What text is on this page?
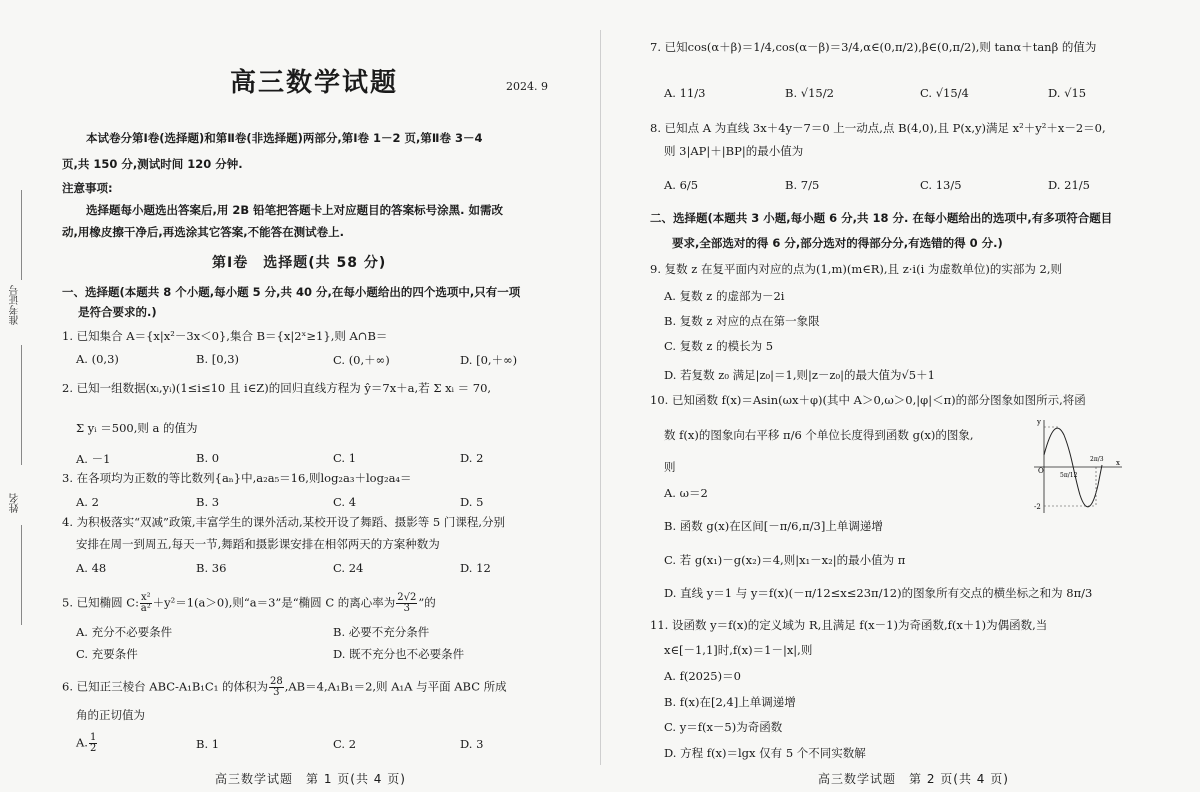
准考证号
姓名
高三数学试题	2024. 9
本试卷分第Ⅰ卷(选择题)和第Ⅱ卷(非选择题)两部分,第Ⅰ卷 1－2 页,第Ⅱ卷 3－4
页,共 150 分,测试时间 120 分钟.
注意事项:
选择题每小题选出答案后,用 2B 铅笔把答题卡上对应题目的答案标号涂黑. 如需改
动,用橡皮擦干净后,再选涂其它答案,不能答在测试卷上.
第Ⅰ卷　选择题(共 58 分)
一、选择题(本题共 8 个小题,每小题 5 分,共 40 分,在每小题给出的四个选项中,只有一项
是符合要求的.)
1. 已知集合 A＝{x|x²－3x＜0},集合 B＝{x|2ˣ≥1},则 A∩B＝
A. (0,3)	B. [0,3)	C. (0,＋∞)	D. [0,＋∞)
2. 已知一组数据(xᵢ,yᵢ)(1≤i≤10 且 i∈Z)的回归直线方程为 ŷ＝7x＋a,若 Σ xᵢ ＝ 70,
Σ yᵢ ＝500,则 a 的值为
A. －1	B. 0	C. 1	D. 2
3. 在各项均为正数的等比数列{aₙ}中,a₂a₅＝16,则log₂a₃＋log₂a₄＝
A. 2	B. 3	C. 4	D. 5
4. 为积极落实“双减”政策,丰富学生的课外活动,某校开设了舞蹈、摄影等 5 门课程,分别
安排在周一到周五,每天一节,舞蹈和摄影课安排在相邻两天的方案种数为
A. 48	B. 36	C. 24	D. 12
5. 已知椭圆 C: $\frac{\text{x²}}{\text{a²}} +y^2=1(a>0)$,则“a＝3”是“椭圆 C 的离心率为 $\frac{2√2}{3}$ ”的
A. 充分不必要条件	B. 必要不充分条件
C. 充要条件	D. 既不充分也不必要条件
6. 已知正三棱台 ABC-A₁B₁C₁ 的体积为 $\frac{28}{3} ,AB=4,A_1B_1=2$,则 A₁A 与平面 ABC 所成
角的正切值为
A. $\frac{1}{2}$	B. 1	C. 2	D. 3
高三数学试题　第 1 页(共 4 页)
7. 已知cos(α＋β)＝1/4,cos(α－β)＝3/4,α∈(0,π/2),β∈(0,π/2),则 tanα＋tanβ 的值为
A. 11/3	B. √15/2	C. √15/4	D. √15
8. 已知点 A 为直线 3x＋4y－7＝0 上一动点,点 B(4,0),且 P(x,y)满足 x²＋y²＋x－2＝0,
则 3|AP|＋|BP|的最小值为
A. 6/5	B. 7/5	C. 13/5	D. 21/5
二、选择题(本题共 3 小题,每小题 6 分,共 18 分. 在每小题给出的选项中,有多项符合题目
要求,全部选对的得 6 分,部分选对的得部分分,有选错的得 0 分.)
9. 复数 z 在复平面内对应的点为(1,m)(m∈R),且 z·i(i 为虚数单位)的实部为 2,则
A. 复数 z 的虚部为－2i
B. 复数 z 对应的点在第一象限
C. 复数 z 的模长为 5
D. 若复数 z₀ 满足|z₀|＝1,则|z－z₀|的最大值为√5＋1
10. 已知函数 f(x)＝Asin(ωx＋φ)(其中 A＞0,ω＞0,|φ|＜π)的部分图象如图所示,将函
数 f(x)的图象向右平移 π/6 个单位长度得到函数 g(x)的图象,
则
A. ω＝2
B. 函数 g(x)在区间[－π/6,π/3]上单调递增
C. 若 g(x₁)－g(x₂)＝4,则|x₁－x₂|的最小值为 π
D. 直线 y＝1 与 y＝f(x)(－π/12≤x≤23π/12)的图象所有交点的横坐标之和为 8π/3
y
x
O
-2
5π/12
2π/3
11. 设函数 y＝f(x)的定义域为 R,且满足 f(x－1)为奇函数,f(x＋1)为偶函数,当
x∈[－1,1]时,f(x)＝1－|x|,则
A. f(2025)＝0
B. f(x)在[2,4]上单调递增
C. y＝f(x－5)为奇函数
D. 方程 f(x)＝lgx 仅有 5 个不同实数解
高三数学试题　第 2 页(共 4 页)
